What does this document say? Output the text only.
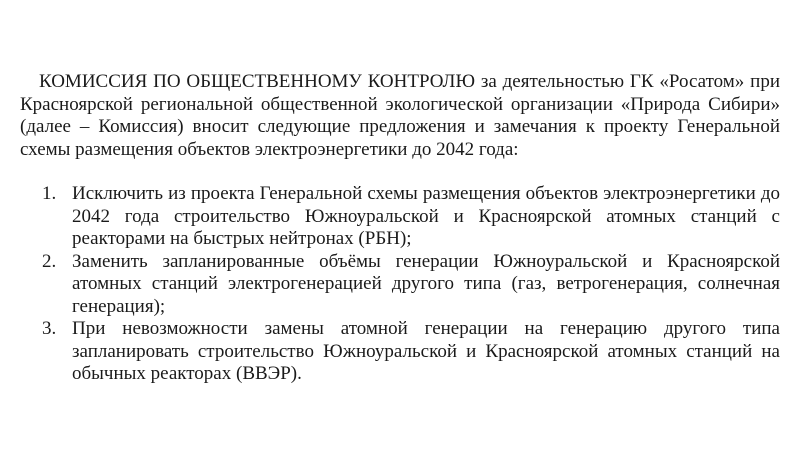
КОМИССИЯ ПО ОБЩЕСТВЕННОМУ КОНТРОЛЮ за деятельностью ГК «Росатом» при Красноярской региональной общественной экологической организации «Природа Сибири» (далее – Комиссия) вносит следующие предложения и замечания к проекту Генеральной схемы размещения объектов электроэнергетики до 2042 года:

1. Исключить из проекта Генеральной схемы размещения объектов электроэнергетики до 2042 года строительство Южноуральской и Красноярской атомных станций с реакторами на быстрых нейтронах (РБН);
2. Заменить запланированные объёмы генерации Южноуральской и Красноярской атомных станций электрогенерацией другого типа (газ, ветрогенерация, солнечная генерация);
3. При невозможности замены атомной генерации на генерацию другого типа запланировать строительство Южноуральской и Красноярской атомных станций на обычных реакторах (ВВЭР).
